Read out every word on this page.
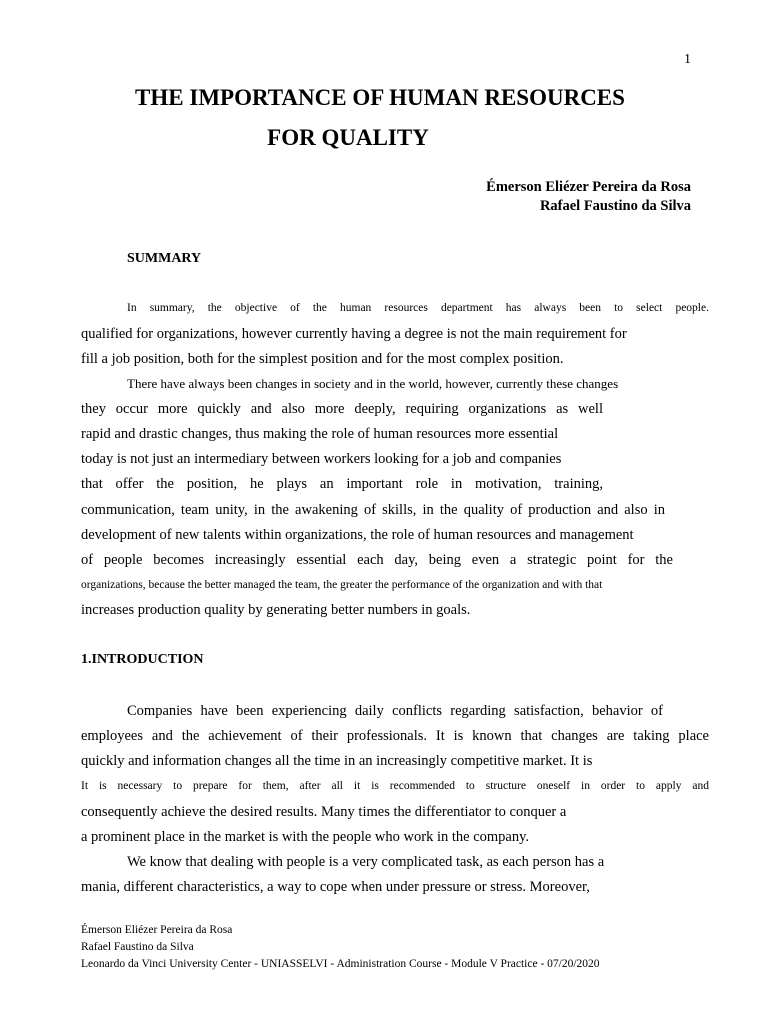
1
THE IMPORTANCE OF HUMAN RESOURCES
FOR QUALITY
Émerson Eliézer Pereira da Rosa
Rafael Faustino da Silva
SUMMARY
In summary, the objective of the human resources department has always been to select people.
qualified for organizations, however currently having a degree is not the main requirement for
fill a job position, both for the simplest position and for the most complex position.
There have always been changes in society and in the world, however, currently these changes
they occur more quickly and also more deeply, requiring organizations as well
rapid and drastic changes, thus making the role of human resources more essential
today is not just an intermediary between workers looking for a job and companies
that offer the position, he plays an important role in motivation, training,
communication, team unity, in the awakening of skills, in the quality of production and also in
development of new talents within organizations, the role of human resources and management
of people becomes increasingly essential each day, being even a strategic point for the
organizations, because the better managed the team, the greater the performance of the organization and with that
increases production quality by generating better numbers in goals.
1.INTRODUCTION
Companies have been experiencing daily conflicts regarding satisfaction, behavior of
employees and the achievement of their professionals. It is known that changes are taking place
quickly and information changes all the time in an increasingly competitive market. It is
It is necessary to prepare for them, after all it is recommended to structure oneself in order to apply and
consequently achieve the desired results. Many times the differentiator to conquer a
a prominent place in the market is with the people who work in the company.
We know that dealing with people is a very complicated task, as each person has a
mania, different characteristics, a way to cope when under pressure or stress. Moreover,
Émerson Eliézer Pereira da Rosa
Rafael Faustino da Silva
Leonardo da Vinci University Center - UNIASSELVI - Administration Course - Module V Practice - 07/20/2020
